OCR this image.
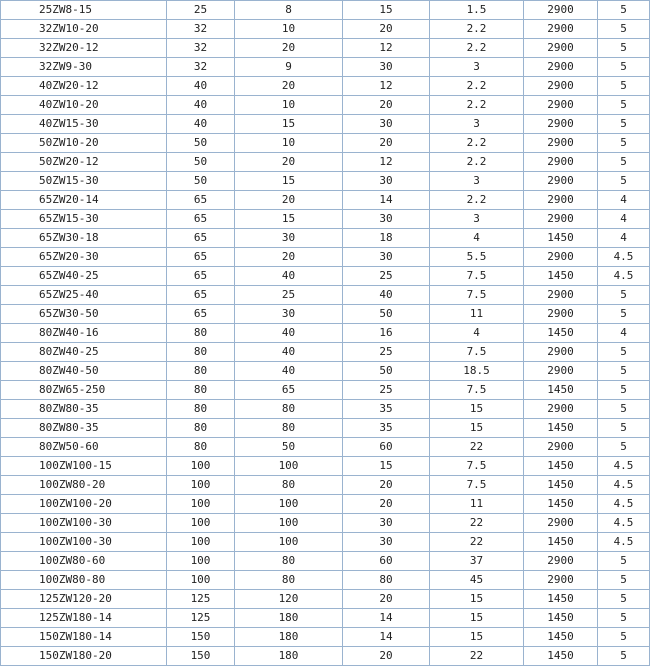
25ZW8-15	25	8	15	1.5	2900	5
32ZW10-20	32	10	20	2.2	2900	5
32ZW20-12	32	20	12	2.2	2900	5
32ZW9-30	32	9	30	3	2900	5
40ZW20-12	40	20	12	2.2	2900	5
40ZW10-20	40	10	20	2.2	2900	5
40ZW15-30	40	15	30	3	2900	5
50ZW10-20	50	10	20	2.2	2900	5
50ZW20-12	50	20	12	2.2	2900	5
50ZW15-30	50	15	30	3	2900	5
65ZW20-14	65	20	14	2.2	2900	4
65ZW15-30	65	15	30	3	2900	4
65ZW30-18	65	30	18	4	1450	4
65ZW20-30	65	20	30	5.5	2900	4.5
65ZW40-25	65	40	25	7.5	1450	4.5
65ZW25-40	65	25	40	7.5	2900	5
65ZW30-50	65	30	50	11	2900	5
80ZW40-16	80	40	16	4	1450	4
80ZW40-25	80	40	25	7.5	2900	5
80ZW40-50	80	40	50	18.5	2900	5
80ZW65-250	80	65	25	7.5	1450	5
80ZW80-35	80	80	35	15	2900	5
80ZW80-35	80	80	35	15	1450	5
80ZW50-60	80	50	60	22	2900	5
100ZW100-15	100	100	15	7.5	1450	4.5
100ZW80-20	100	80	20	7.5	1450	4.5
100ZW100-20	100	100	20	11	1450	4.5
100ZW100-30	100	100	30	22	2900	4.5
100ZW100-30	100	100	30	22	1450	4.5
100ZW80-60	100	80	60	37	2900	5
100ZW80-80	100	80	80	45	2900	5
125ZW120-20	125	120	20	15	1450	5
125ZW180-14	125	180	14	15	1450	5
150ZW180-14	150	180	14	15	1450	5
150ZW180-20	150	180	20	22	1450	5
